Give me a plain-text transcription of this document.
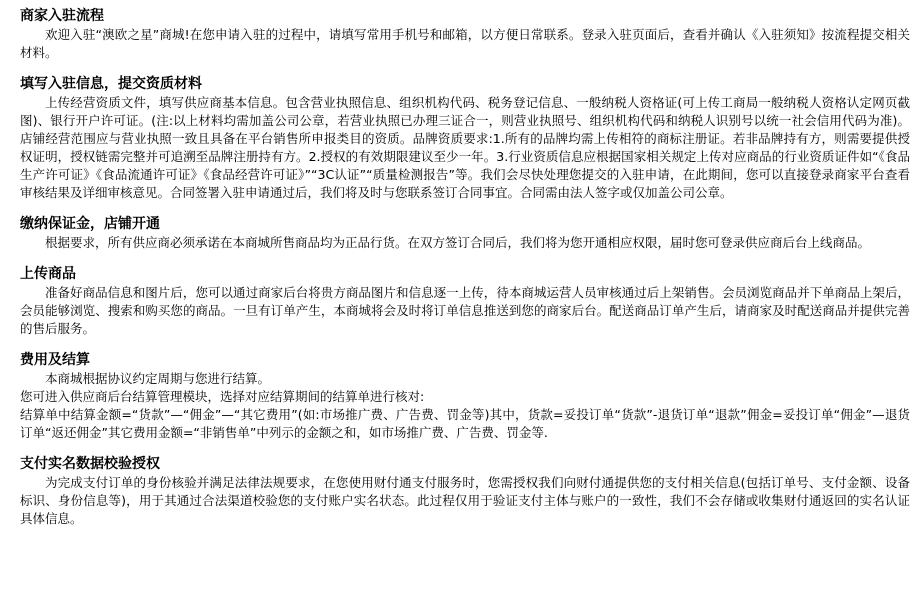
商家入驻流程

欢迎入驻“澳欧之星”商城!在您申请入驻的过程中，请填写常用手机号和邮箱，以方便日常联系。登录入驻页面后，查看并确认《入驻须知》按流程提交相关材料。

填写入驻信息，提交资质材料

上传经营资质文件，填写供应商基本信息。包含营业执照信息、组织机构代码、税务登记信息、一般纳税人资格证(可上传工商局一般纳税人资格认定网页截图)、银行开户许可证。(注:以上材料均需加盖公司公章，若营业执照已办理三证合一，则营业执照号、组织机构代码和纳税人识别号以统一社会信用代码为准)。店铺经营范围应与营业执照一致且具备在平台销售所申报类目的资质。品牌资质要求:1.所有的品牌均需上传相符的商标注册证。若非品牌持有方，则需要提供授权证明，授权链需完整并可追溯至品牌注册持有方。2.授权的有效期限建议至少一年。3.行业资质信息应根据国家相关规定上传对应商品的行业资质证件如“《食品生产许可证》《食品流通许可证》《食品经营许可证》”“3C认证”“质量检测报告”等。我们会尽快处理您提交的入驻申请，在此期间，您可以直接登录商家平台查看审核结果及详细审核意见。合同签署入驻申请通过后，我们将及时与您联系签订合同事宜。合同需由法人签字或仅加盖公司公章。

缴纳保证金，店铺开通

根据要求，所有供应商必须承诺在本商城所售商品均为正品行货。在双方签订合同后，我们将为您开通相应权限，届时您可登录供应商后台上线商品。

上传商品

准备好商品信息和图片后，您可以通过商家后台将贵方商品图片和信息逐一上传，待本商城运营人员审核通过后上架销售。会员浏览商品并下单商品上架后，会员能够浏览、搜索和购买您的商品。一旦有订单产生，本商城将会及时将订单信息推送到您的商家后台。配送商品订单产生后，请商家及时配送商品并提供完善的售后服务。

费用及结算

本商城根据协议约定周期与您进行结算。

您可进入供应商后台结算管理模块，选择对应结算期间的结算单进行核对:

结算单中结算金额=“货款”—“佣金”—“其它费用”(如:市场推广费、广告费、罚金等)其中，货款=妥投订单“货款”-退货订单“退款”佣金=妥投订单“佣金”—退货订单“返还佣金”其它费用金额=“非销售单”中列示的金额之和，如市场推广费、广告费、罚金等.

支付实名数据校验授权

为完成支付订单的身份核验并满足法律法规要求，在您使用财付通支付服务时，您需授权我们向财付通提供您的支付相关信息(包括订单号、支付金额、设备标识、身份信息等)，用于其通过合法渠道校验您的支付账户实名状态。此过程仅用于验证支付主体与账户的一致性，我们不会存储或收集财付通返回的实名认证具体信息。
